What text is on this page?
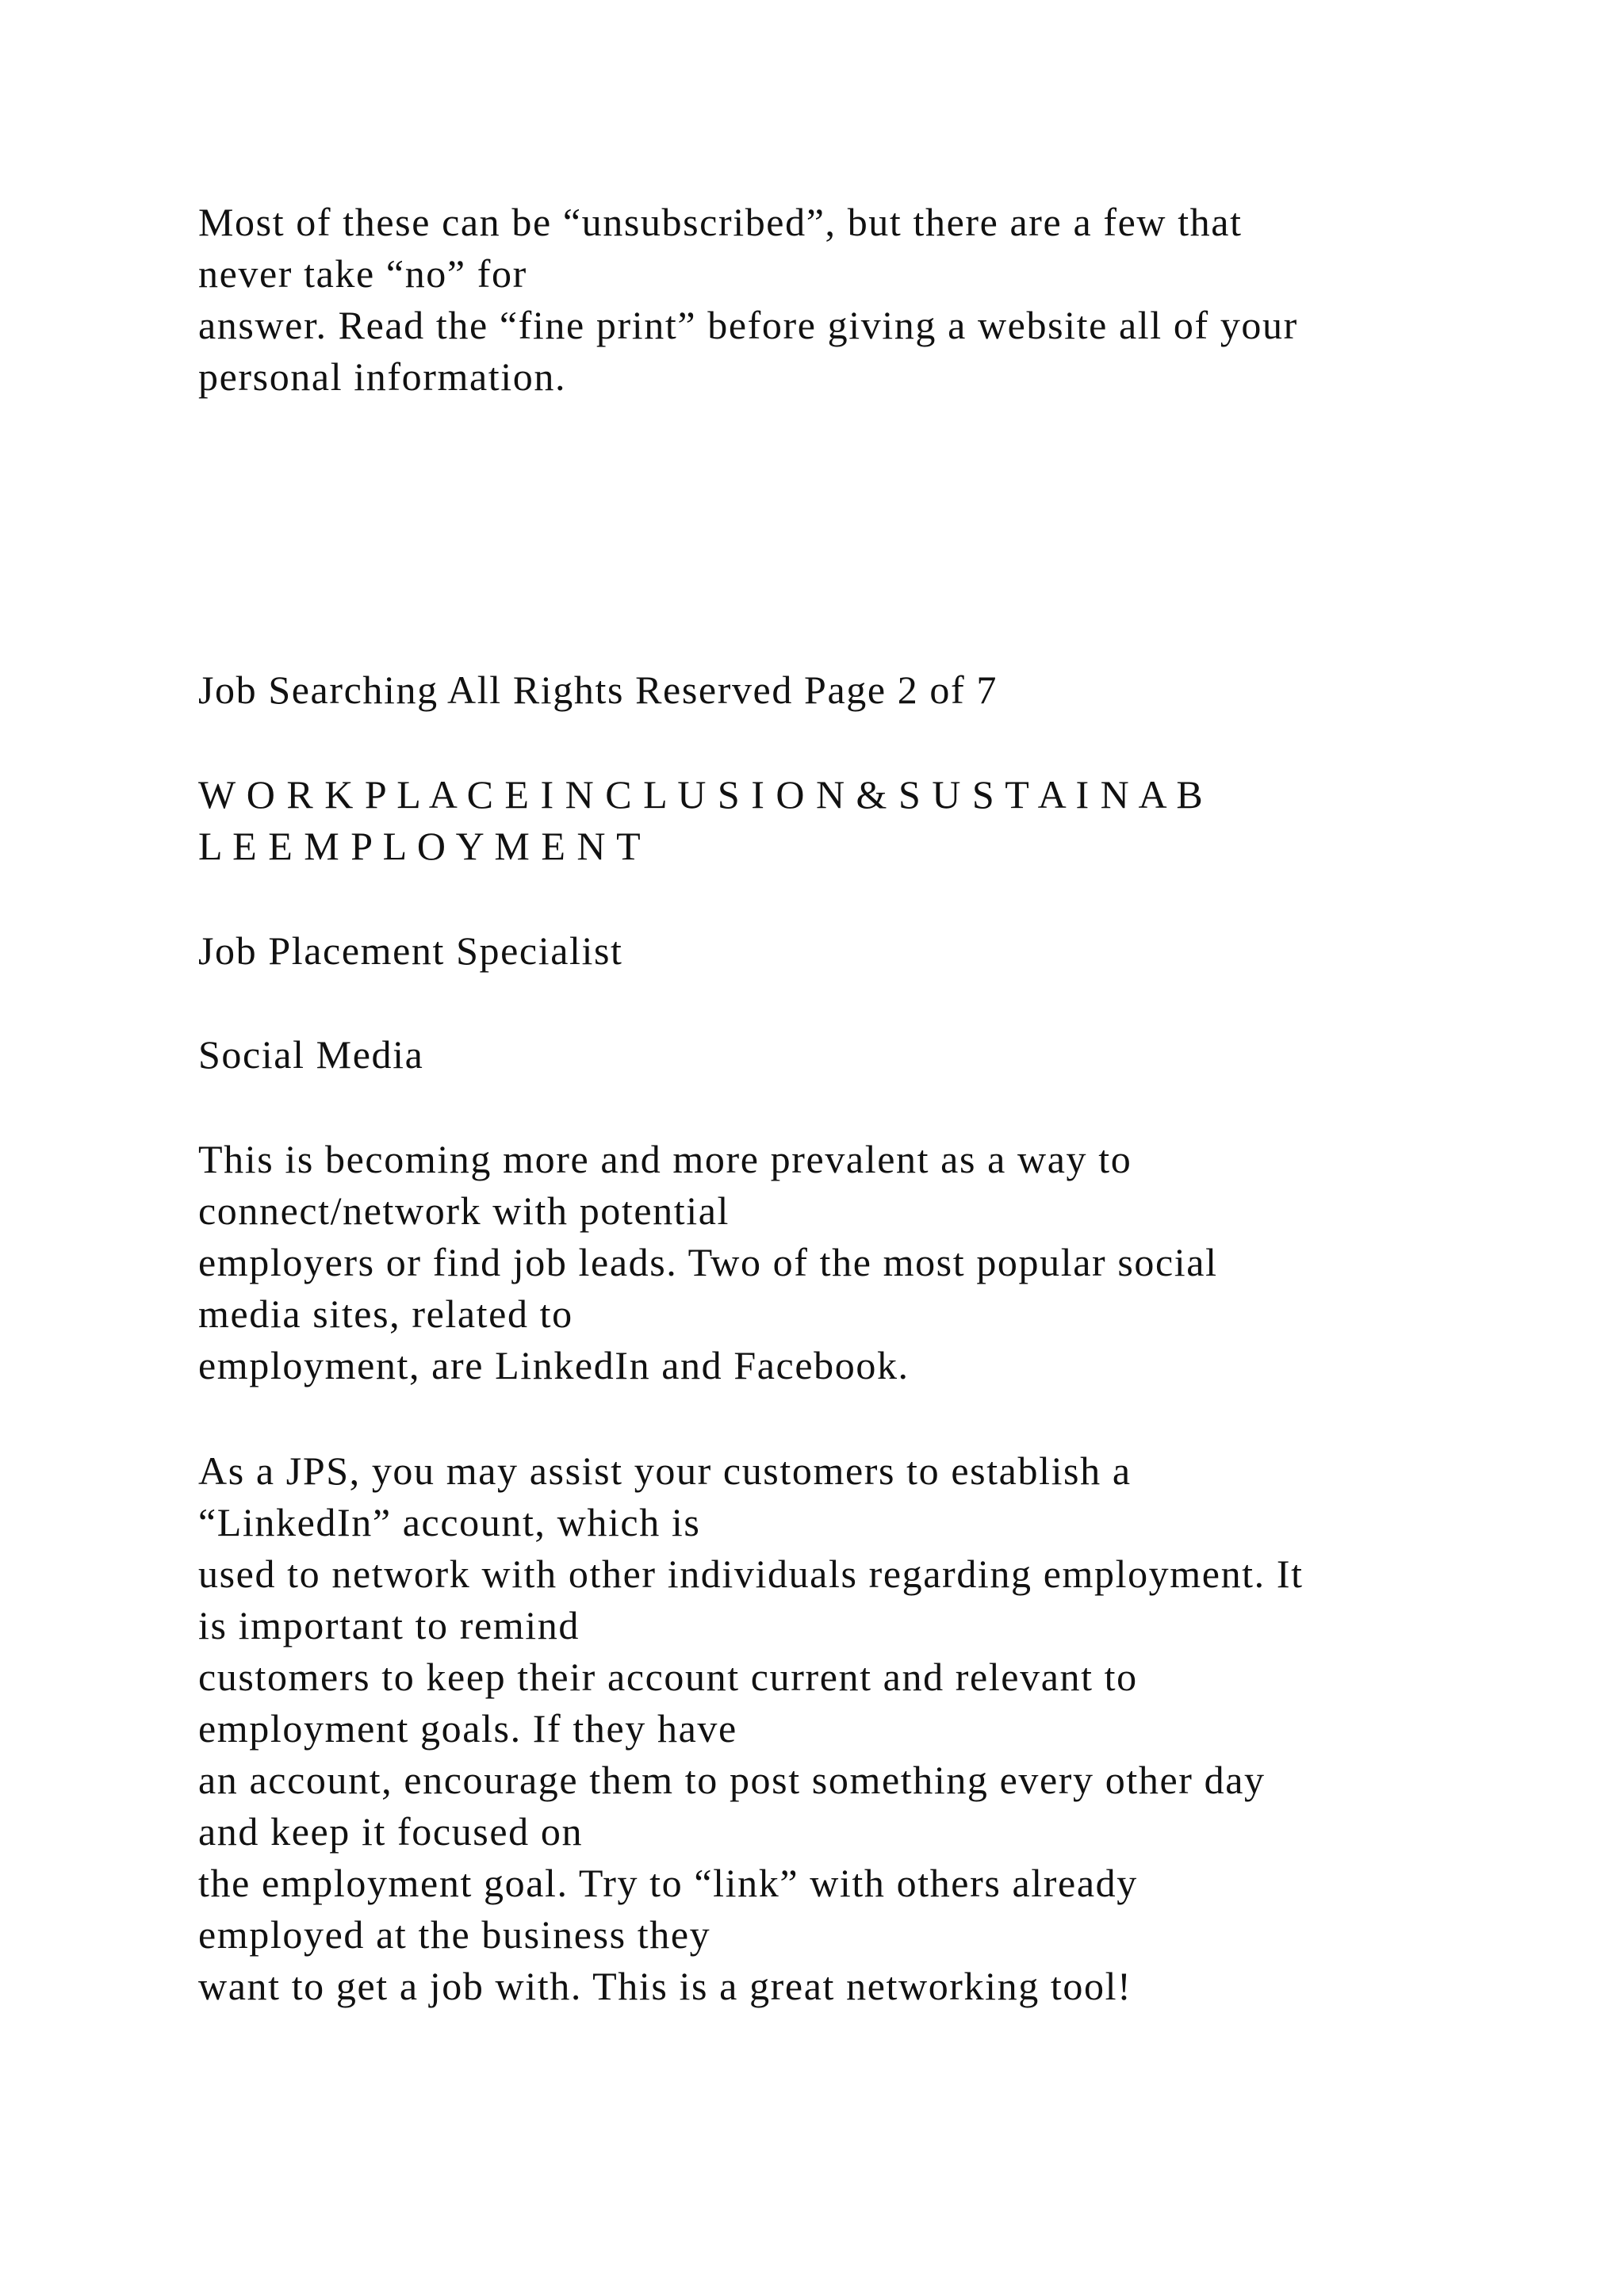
Most of these can be “unsubscribed”, but there are a few that
never take “no” for
answer. Read the “fine print” before giving a website all of your
personal information.
Job Searching All Rights Reserved Page 2 of 7
W O R K P L A C E I N C L U S I O N & S U S T A I N A B
L E E M P L O Y M E N T
Job Placement Specialist
Social Media
This is becoming more and more prevalent as a way to
connect/network with potential
employers or find job leads. Two of the most popular social
media sites, related to
employment, are LinkedIn and Facebook.
As a JPS, you may assist your customers to establish a
“LinkedIn” account, which is
used to network with other individuals regarding employment. It
is important to remind
customers to keep their account current and relevant to
employment goals. If they have
an account, encourage them to post something every other day
and keep it focused on
the employment goal. Try to “link” with others already
employed at the business they
want to get a job with. This is a great networking tool!
